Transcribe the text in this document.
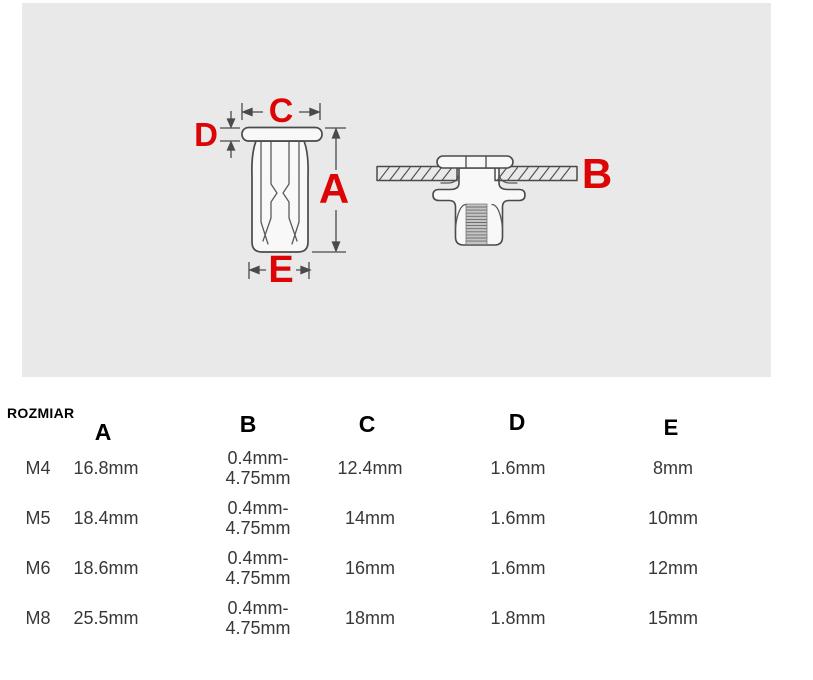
C
D
A
E
B
ROZMIAR
A	B	C	D	E
M4	16.8mm	0.4mm-
4.75mm	12.4mm	1.6mm	8mm
M5	18.4mm	0.4mm-
4.75mm	14mm	1.6mm	10mm
M6	18.6mm	0.4mm-
4.75mm	16mm	1.6mm	12mm
M8	25.5mm	0.4mm-
4.75mm	18mm	1.8mm	15mm
